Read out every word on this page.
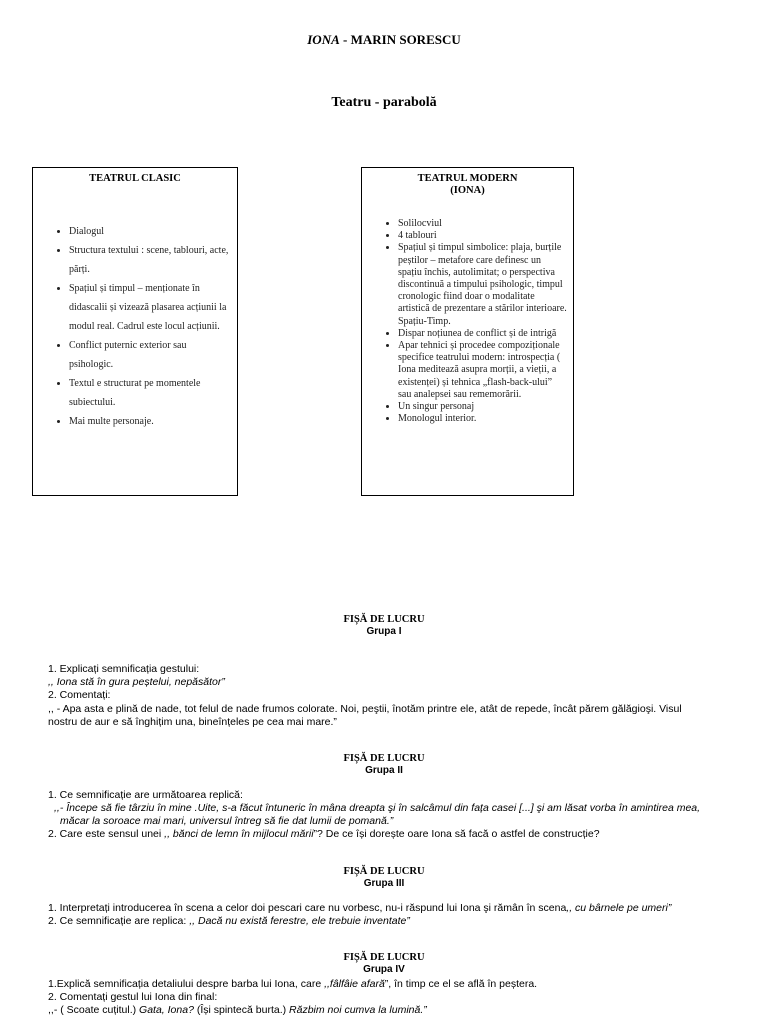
IONA - MARIN SORESCU
Teatru - parabolă
TEATRUL CLASIC
• Dialogul
• Structura textului : scene, tablouri, acte, părți.
• Spațiul și timpul – menționate în didascalii și vizează plasarea acțiunii la modul real. Cadrul este locul acțiunii.
• Conflict puternic exterior sau psihologic.
• Textul e structurat pe momentele subiectului.
• Mai multe personaje.
TEATRUL MODERN
(IONA)
• Solilocviul
• 4 tablouri
• Spațiul și timpul simbolice: plaja, burțile peștilor – metafore care definesc un spațiu închis, autolimitat; o perspectiva discontinuă a timpului psihologic, timpul cronologic fiind doar o modalitate artistică de prezentare a stărilor interioare. Spațiu-Timp.
• Dispar noțiunea de conflict și de intrigă
• Apar tehnici și procedee compoziționale specifice teatrului modern: introspecția ( Iona meditează asupra morții, a vieții, a existenței) și tehnica „flash-back-ului” sau analepsei sau rememorării.
• Un singur personaj
• Monologul interior.
FIȘĂ DE LUCRU
Grupa I
1. Explicați semnificația gestului:
,, Iona stă în gura peștelui, nepăsător”
2. Comentați:
,, - Apa asta e plină de nade, tot felul de nade frumos colorate. Noi, peştii, înotăm printre ele, atât de repede, încât părem gălăgioşi. Visul
nostru de aur e să înghițim una, bineînțeles pe cea mai mare.”
FIȘĂ DE LUCRU
Grupa II
1. Ce semnificație are următoarea replică:
,,- Începe să fie târziu în mine .Uite, s-a făcut întuneric în mâna dreapta şi în salcâmul din fața casei [...] şi am lăsat vorba în amintirea mea,
măcar la soroace mai mari, universul întreg să fie dat lumii de pomană.”
2. Care este sensul unei ,, bănci de lemn în mijlocul mării”? De ce își dorește oare Iona să facă o astfel de construcție?
FIȘĂ DE LUCRU
Grupa III
1. Interpretați introducerea în scena a celor doi pescari care nu vorbesc, nu-i răspund lui Iona şi rămân în scena,, cu bârnele pe umeri”
2. Ce semnificație are replica: ,, Dacă nu există ferestre, ele trebuie inventate”
FIȘĂ DE LUCRU
Grupa IV
1.Explică semnificația detaliului despre barba lui Iona, care ,,fâlfâie afară”, în timp ce el se află în peștera.
2. Comentați gestul lui Iona din final:
,,- ( Scoate cuțitul.) Gata, Iona? (Își spintecă burta.) Răzbim noi cumva la lumină.”
